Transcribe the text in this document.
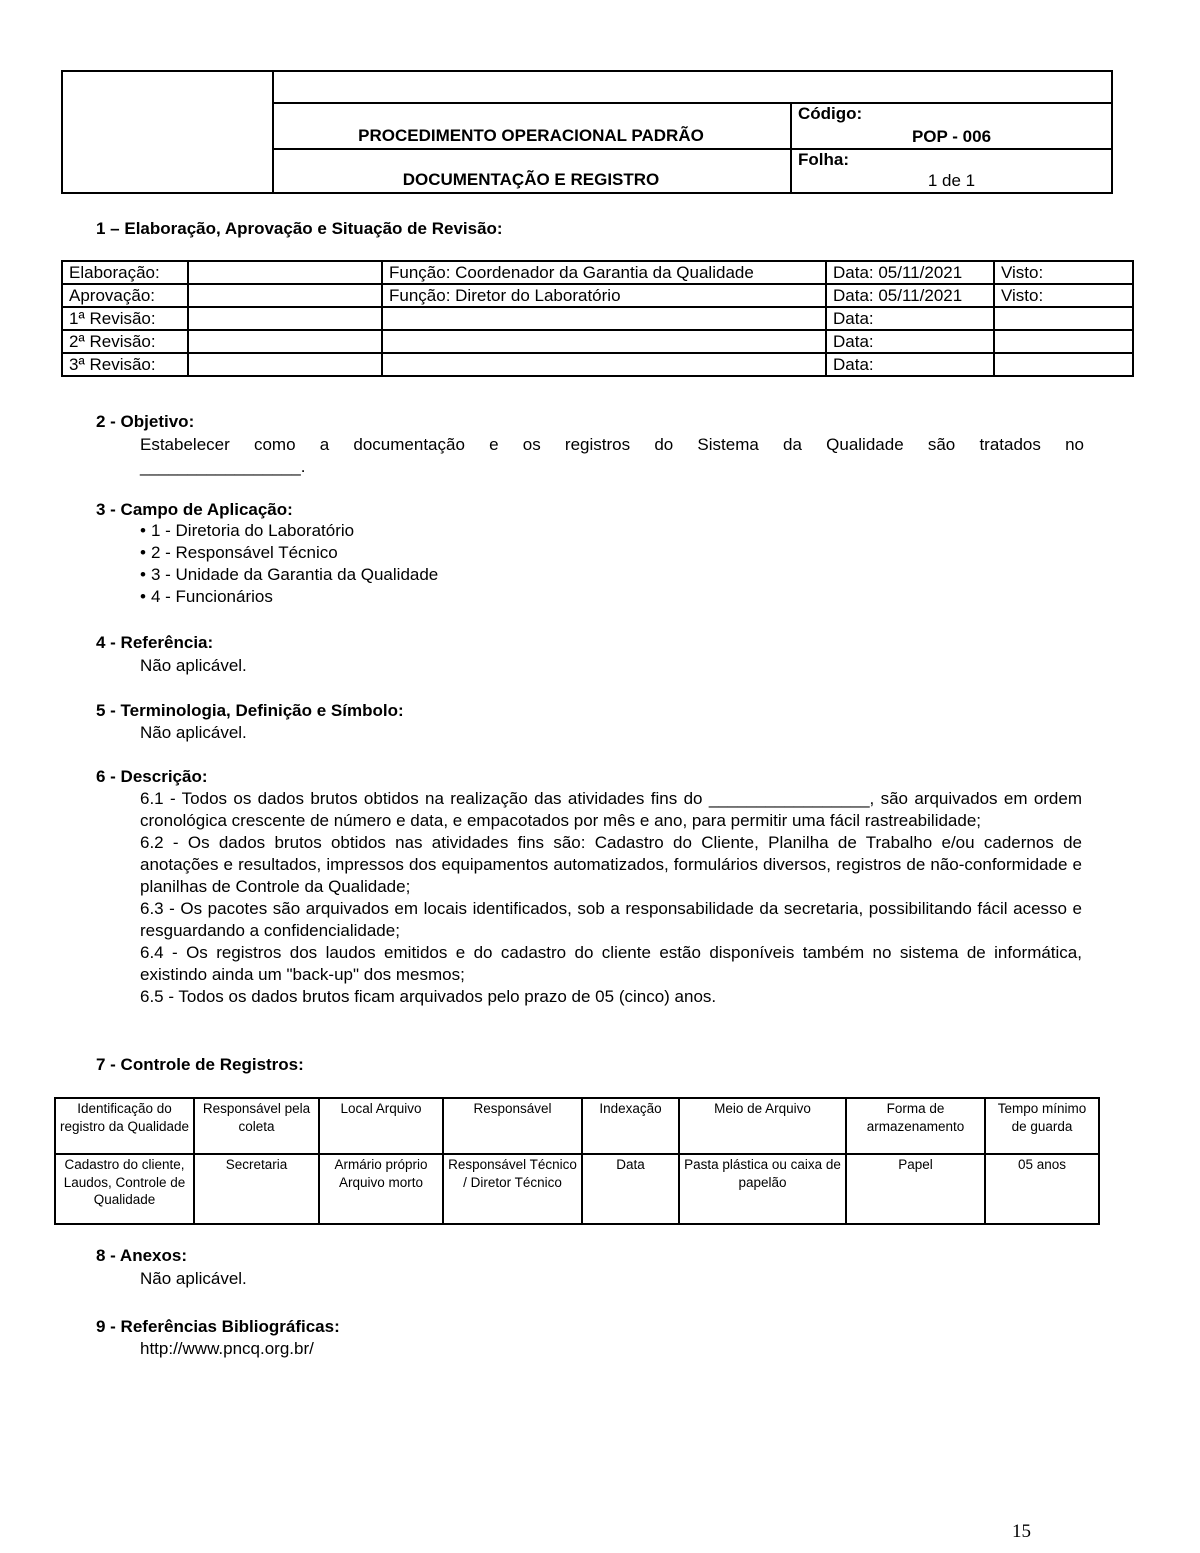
PROCEDIMENTO OPERACIONAL PADRÃO
Código:
POP - 006
DOCUMENTAÇÃO E REGISTRO
Folha:
1 de 1
1 – Elaboração, Aprovação e Situação de Revisão:
Elaboração:		Função: Coordenador da Garantia da Qualidade	Data: 05/11/2021	Visto:
Aprovação:		Função: Diretor do Laboratório	Data: 05/11/2021	Visto:
1ª Revisão:			Data:	
2ª Revisão:			Data:	
3ª Revisão:			Data:	
2 - Objetivo:
Estabelecer como a documentação e os registros do Sistema da Qualidade são tratados no
_________________.
3 - Campo de Aplicação:
• 1 - Diretoria do Laboratório
• 2 - Responsável Técnico
• 3 - Unidade da Garantia da Qualidade
• 4 - Funcionários
4 - Referência:
Não aplicável.
5 - Terminologia, Definição e Símbolo:
Não aplicável.
6 - Descrição:
6.1 - Todos os dados brutos obtidos na realização das atividades fins do _________________, são arquivados em ordem cronológica crescente de número e data, e empacotados por mês e ano, para permitir uma fácil rastreabilidade;
6.2 - Os dados brutos obtidos nas atividades fins são: Cadastro do Cliente, Planilha de Trabalho e/ou cadernos de anotações e resultados, impressos dos equipamentos automatizados, formulários diversos, registros de não-conformidade e planilhas de Controle da Qualidade;
6.3 - Os pacotes são arquivados em locais identificados, sob a responsabilidade da secretaria, possibilitando fácil acesso e resguardando a confidencialidade;
6.4 - Os registros dos laudos emitidos e do cadastro do cliente estão disponíveis também no sistema de informática, existindo ainda um "back-up" dos mesmos;
6.5 - Todos os dados brutos ficam arquivados pelo prazo de 05 (cinco) anos.
7 - Controle de Registros:
Identificação do registro da Qualidade	Responsável pela coleta	Local Arquivo	Responsável	Indexação	Meio de Arquivo	Forma de armazenamento	Tempo mínimo de guarda
Cadastro do cliente, Laudos, Controle de Qualidade	Secretaria	Armário próprio Arquivo morto	Responsável Técnico / Diretor Técnico	Data	Pasta plástica ou caixa de papelão	Papel	05 anos
8 - Anexos:
Não aplicável.
9 - Referências Bibliográficas:
http://www.pncq.org.br/
15
